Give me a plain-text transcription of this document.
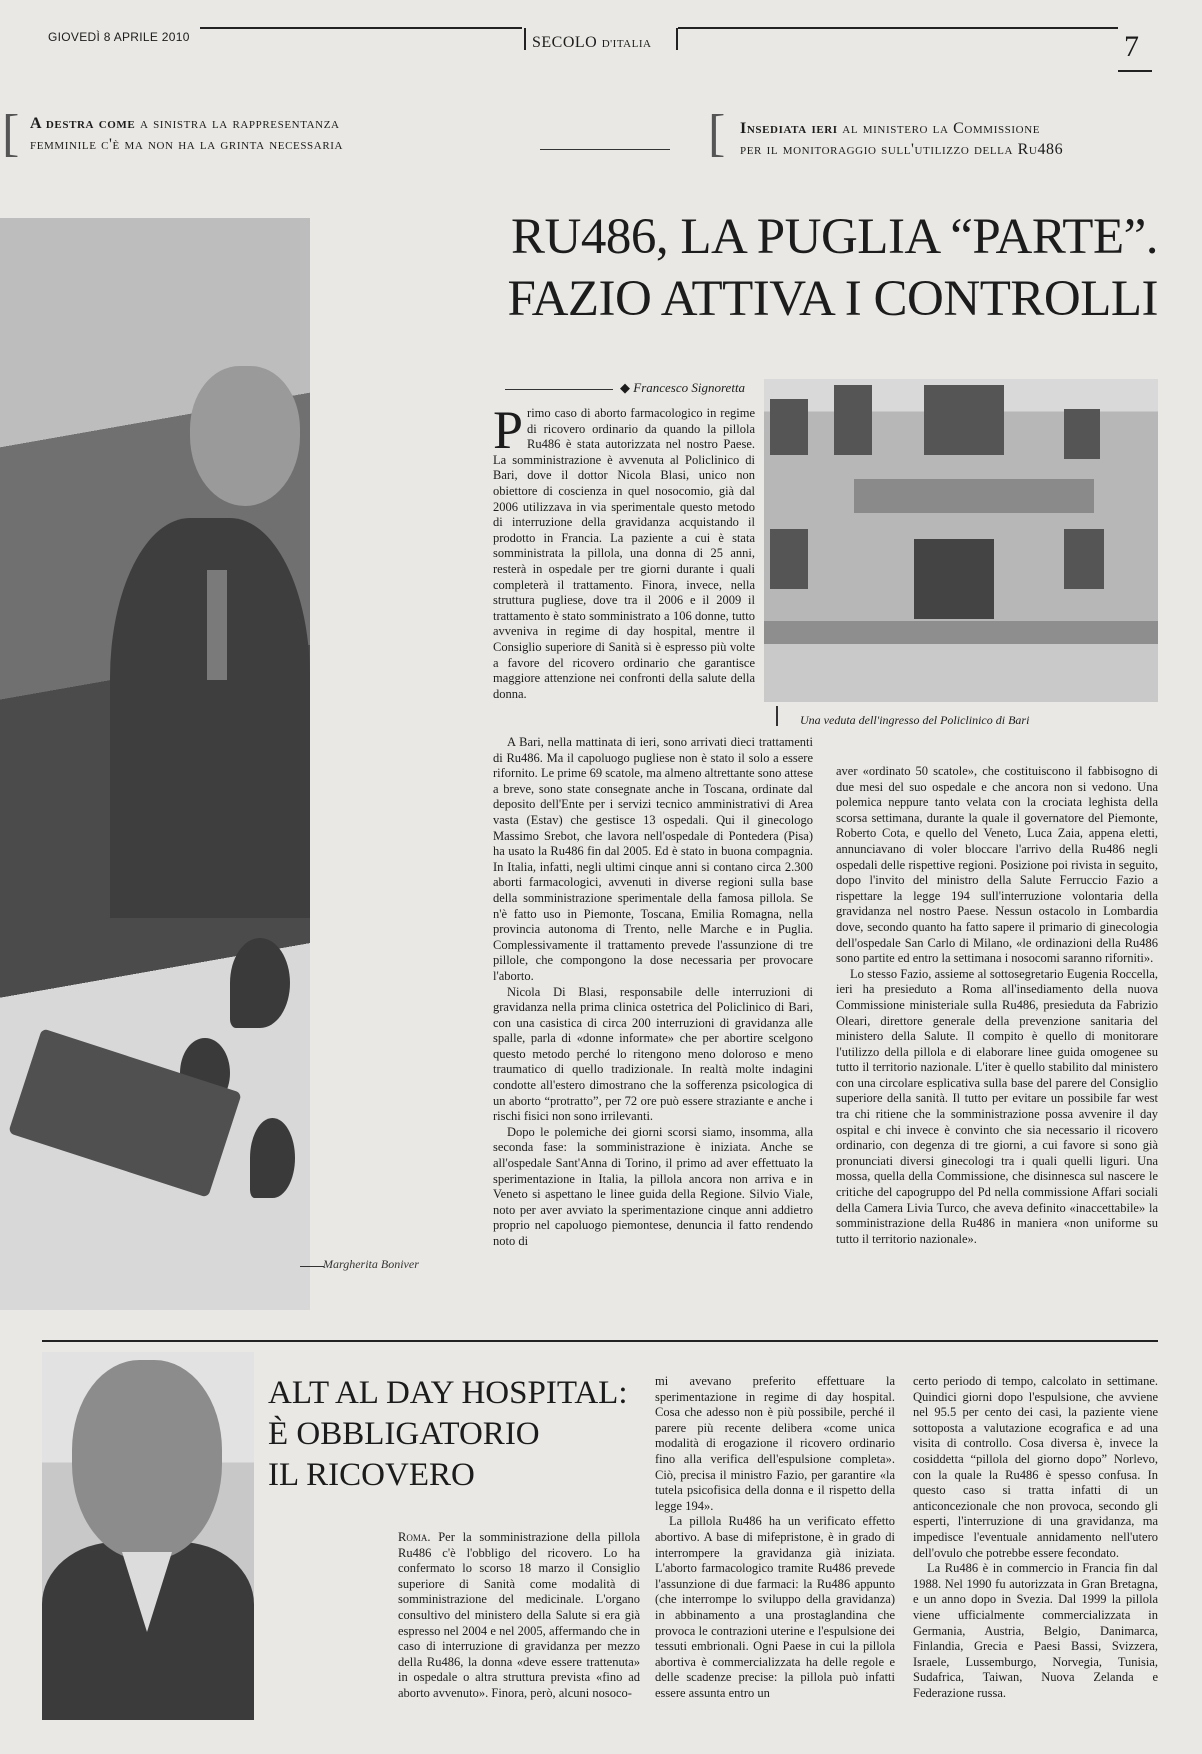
GIOVEDÌ 8 APRILE 2010	SECOLO D'ITALIA	7
[ A destra come a sinistra la rappresentanza
femminile c'è ma non ha la grinta necessaria	[ Insediata ieri al ministero la Commissione
per il monitoraggio sull'utilizzo della Ru486
Margherita Boniver
RU486, LA PUGLIA “PARTE”.
FAZIO ATTIVA I CONTROLLI
◆ Francesco Signoretta
Una veduta dell'ingresso del Policlinico di Bari

Primo caso di aborto farmacologico in regime di ricovero ordinario da quando la pillola Ru486 è stata autorizzata nel nostro Paese. La somministrazione è avvenuta al Policlinico di Bari, dove il dottor Nicola Blasi, unico non obiettore di coscienza in quel nosocomio, già dal 2006 utilizzava in via sperimentale questo metodo di interruzione della gravidanza acquistando il prodotto in Francia. La paziente a cui è stata somministrata la pillola, una donna di 25 anni, resterà in ospedale per tre giorni durante i quali completerà il trattamento. Finora, invece, nella struttura pugliese, dove tra il 2006 e il 2009 il trattamento è stato somministrato a 106 donne, tutto avveniva in regime di day hospital, mentre il Consiglio superiore di Sanità si è espresso più volte a favore del ricovero ordinario che garantisce maggiore attenzione nei confronti della salute della donna.

A Bari, nella mattinata di ieri, sono arrivati dieci trattamenti di Ru486. Ma il capoluogo pugliese non è stato il solo a essere rifornito. Le prime 69 scatole, ma almeno altrettante sono attese a breve, sono state consegnate anche in Toscana, ordinate dal deposito dell'Ente per i servizi tecnico amministrativi di Area vasta (Estav) che gestisce 13 ospedali. Qui il ginecologo Massimo Srebot, che lavora nell'ospedale di Pontedera (Pisa) ha usato la Ru486 fin dal 2005. Ed è stato in buona compagnia. In Italia, infatti, negli ultimi cinque anni si contano circa 2.300 aborti farmacologici, avvenuti in diverse regioni sulla base della somministrazione sperimentale della famosa pillola. Se n'è fatto uso in Piemonte, Toscana, Emilia Romagna, nella provincia autonoma di Trento, nelle Marche e in Puglia. Complessivamente il trattamento prevede l'assunzione di tre pillole, che compongono la dose necessaria per provocare l'aborto.

Nicola Di Blasi, responsabile delle interruzioni di gravidanza nella prima clinica ostetrica del Policlinico di Bari, con una casistica di circa 200 interruzioni di gravidanza alle spalle, parla di «donne informate» che per abortire scelgono questo metodo perché lo ritengono meno doloroso e meno traumatico di quello tradizionale. In realtà molte indagini condotte all'estero dimostrano che la sofferenza psicologica di un aborto “protratto”, per 72 ore può essere straziante e anche i rischi fisici non sono irrilevanti.

Dopo le polemiche dei giorni scorsi siamo, insomma, alla seconda fase: la somministrazione è iniziata. Anche se all'ospedale Sant'Anna di Torino, il primo ad aver effettuato la sperimentazione in Italia, la pillola ancora non arriva e in Veneto si aspettano le linee guida della Regione. Silvio Viale, noto per aver avviato la sperimentazione cinque anni addietro proprio nel capoluogo piemontese, denuncia il fatto rendendo noto di

aver «ordinato 50 scatole», che costituiscono il fabbisogno di due mesi del suo ospedale e che ancora non si vedono. Una polemica neppure tanto velata con la crociata leghista della scorsa settimana, durante la quale il governatore del Piemonte, Roberto Cota, e quello del Veneto, Luca Zaia, appena eletti, annunciavano di voler bloccare l'arrivo della Ru486 negli ospedali delle rispettive regioni. Posizione poi rivista in seguito, dopo l'invito del ministro della Salute Ferruccio Fazio a rispettare la legge 194 sull'interruzione volontaria della gravidanza nel nostro Paese. Nessun ostacolo in Lombardia dove, secondo quanto ha fatto sapere il primario di ginecologia dell'ospedale San Carlo di Milano, «le ordinazioni della Ru486 sono partite ed entro la settimana i nosocomi saranno riforniti».

Lo stesso Fazio, assieme al sottosegretario Eugenia Roccella, ieri ha presieduto a Roma all'insediamento della nuova Commissione ministeriale sulla Ru486, presieduta da Fabrizio Oleari, direttore generale della prevenzione sanitaria del ministero della Salute. Il compito è quello di monitorare l'utilizzo della pillola e di elaborare linee guida omogenee su tutto il territorio nazionale. L'iter è quello stabilito dal ministero con una circolare esplicativa sulla base del parere del Consiglio superiore della sanità. Il tutto per evitare un possibile far west tra chi ritiene che la somministrazione possa avvenire il day ospital e chi invece è convinto che sia necessario il ricovero ordinario, con degenza di tre giorni, a cui favore si sono già pronunciati diversi ginecologi tra i quali quelli liguri. Una mossa, quella della Commissione, che disinnesca sul nascere le critiche del capogruppo del Pd nella commissione Affari sociali della Camera Livia Turco, che aveva definito «inaccettabile» la somministrazione della Ru486 in maniera «non uniforme su tutto il territorio nazionale».

ALT AL DAY HOSPITAL:
È OBBLIGATORIO
IL RICOVERO

Roma. Per la somministrazione della pillola Ru486 c'è l'obbligo del ricovero. Lo ha confermato lo scorso 18 marzo il Consiglio superiore di Sanità come modalità di somministrazione del medicinale. L'organo consultivo del ministero della Salute si era già espresso nel 2004 e nel 2005, affermando che in caso di interruzione di gravidanza per mezzo della Ru486, la donna «deve essere trattenuta» in ospedale o altra struttura prevista «fino ad aborto avvenuto». Finora, però, alcuni nosoco-

mi avevano preferito effettuare la sperimentazione in regime di day hospital. Cosa che adesso non è più possibile, perché il parere più recente delibera «come unica modalità di erogazione il ricovero ordinario fino alla verifica dell'espulsione completa». Ciò, precisa il ministro Fazio, per garantire «la tutela psicofisica della donna e il rispetto della legge 194».

La pillola Ru486 ha un verificato effetto abortivo. A base di mifepristone, è in grado di interrompere la gravidanza già iniziata. L'aborto farmacologico tramite Ru486 prevede l'assunzione di due farmaci: la Ru486 appunto (che interrompe lo sviluppo della gravidanza) in abbinamento a una prostaglandina che provoca le contrazioni uterine e l'espulsione dei tessuti embrionali. Ogni Paese in cui la pillola abortiva è commercializzata ha delle regole e delle scadenze precise: la pillola può infatti essere assunta entro un

certo periodo di tempo, calcolato in settimane. Quindici giorni dopo l'espulsione, che avviene nel 95.5 per cento dei casi, la paziente viene sottoposta a valutazione ecografica e ad una visita di controllo. Cosa diversa è, invece la cosiddetta “pillola del giorno dopo” Norlevo, con la quale la Ru486 è spesso confusa. In questo caso si tratta infatti di un anticoncezionale che non provoca, secondo gli esperti, l'interruzione di una gravidanza, ma impedisce l'eventuale annidamento nell'utero dell'ovulo che potrebbe essere fecondato.

La Ru486 è in commercio in Francia fin dal 1988. Nel 1990 fu autorizzata in Gran Bretagna, e un anno dopo in Svezia. Dal 1999 la pillola viene ufficialmente commercializzata in Germania, Austria, Belgio, Danimarca, Finlandia, Grecia e Paesi Bassi, Svizzera, Israele, Lussemburgo, Norvegia, Tunisia, Sudafrica, Taiwan, Nuova Zelanda e Federazione russa.
